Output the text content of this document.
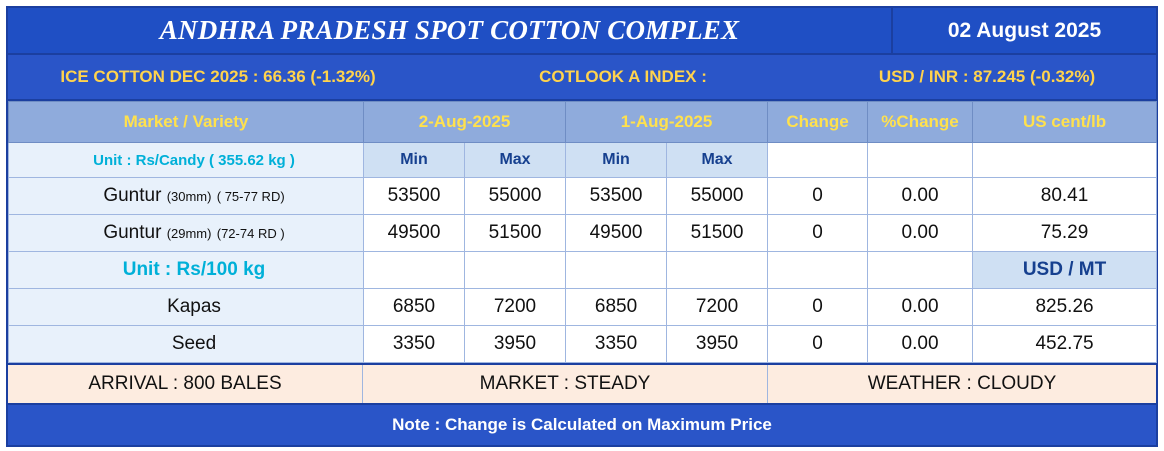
ANDHRA PRADESH SPOT COTTON COMPLEX	02 August 2025
ICE COTTON DEC 2025 : 66.36 (-1.32%)	COTLOOK A INDEX :	USD / INR : 87.245 (-0.32%)
Market / Variety	2-Aug-2025		1-Aug-2025		Change	%Change	US cent/lb
Unit : Rs/Candy ( 355.62 kg )	Min	Max	Min	Max			
Guntur (30mm) ( 75-77 RD)	53500	55000	53500	55000	0	0.00	80.41
Guntur (29mm) (72-74 RD )	49500	51500	49500	51500	0	0.00	75.29
Unit : Rs/100 kg							USD / MT
Kapas	6850	7200	6850	7200	0	0.00	825.26
Seed	3350	3950	3350	3950	0	0.00	452.75
ARRIVAL : 800 BALES	MARKET : STEADY	WEATHER : CLOUDY
Note : Change is Calculated on Maximum Price
